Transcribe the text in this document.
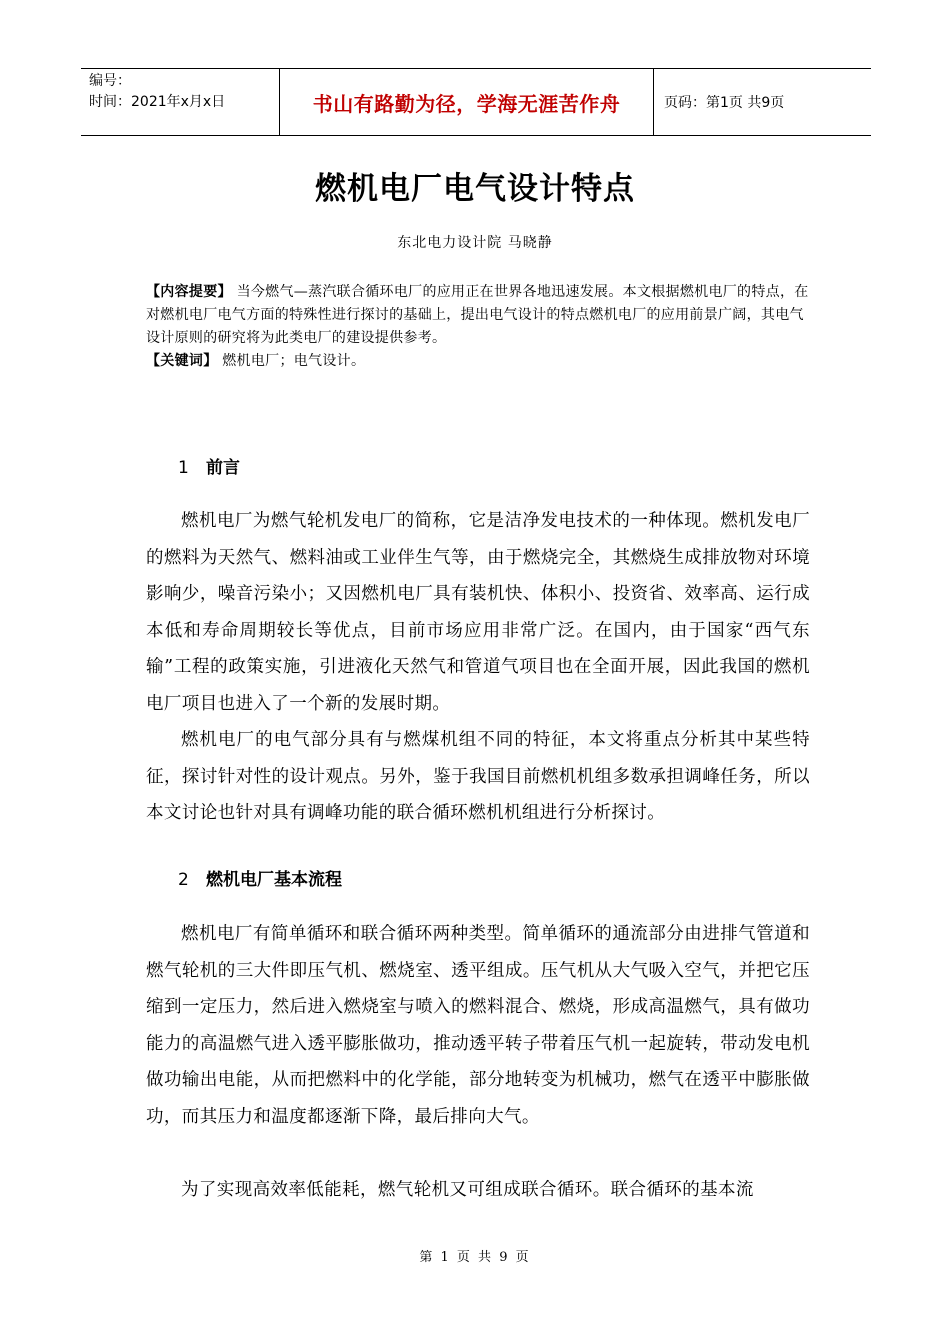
编号：
时间：2021年x月x日	书山有路勤为径，学海无涯苦作舟	页码：第1页 共9页
燃机电厂电气设计特点
东北电力设计院 马晓静
【内容提要】 当今燃气—蒸汽联合循环电厂的应用正在世界各地迅速发展。本文根据燃机电厂的特点，在对燃机电厂电气方面的特殊性进行探讨的基础上，提出电气设计的特点燃机电厂的应用前景广阔，其电气设计原则的研究将为此类电厂的建设提供参考。
【关键词】 燃机电厂；电气设计。
1 前言
燃机电厂为燃气轮机发电厂的简称，它是洁净发电技术的一种体现。燃机发电厂的燃料为天然气、燃料油或工业伴生气等，由于燃烧完全，其燃烧生成排放物对环境影响少，噪音污染小；又因燃机电厂具有装机快、体积小、投资省、效率高、运行成本低和寿命周期较长等优点，目前市场应用非常广泛。在国内，由于国家“西气东输”工程的政策实施，引进液化天然气和管道气项目也在全面开展，因此我国的燃机电厂项目也进入了一个新的发展时期。
燃机电厂的电气部分具有与燃煤机组不同的特征，本文将重点分析其中某些特征，探讨针对性的设计观点。另外，鉴于我国目前燃机机组多数承担调峰任务，所以本文讨论也针对具有调峰功能的联合循环燃机机组进行分析探讨。
2 燃机电厂基本流程
燃机电厂有简单循环和联合循环两种类型。简单循环的通流部分由进排气管道和燃气轮机的三大件即压气机、燃烧室、透平组成。压气机从大气吸入空气，并把它压缩到一定压力，然后进入燃烧室与喷入的燃料混合、燃烧，形成高温燃气，具有做功能力的高温燃气进入透平膨胀做功，推动透平转子带着压气机一起旋转，带动发电机做功输出电能，从而把燃料中的化学能，部分地转变为机械功，燃气在透平中膨胀做功，而其压力和温度都逐渐下降，最后排向大气。
为了实现高效率低能耗，燃气轮机又可组成联合循环。联合循环的基本流
第 1 页 共 9 页
